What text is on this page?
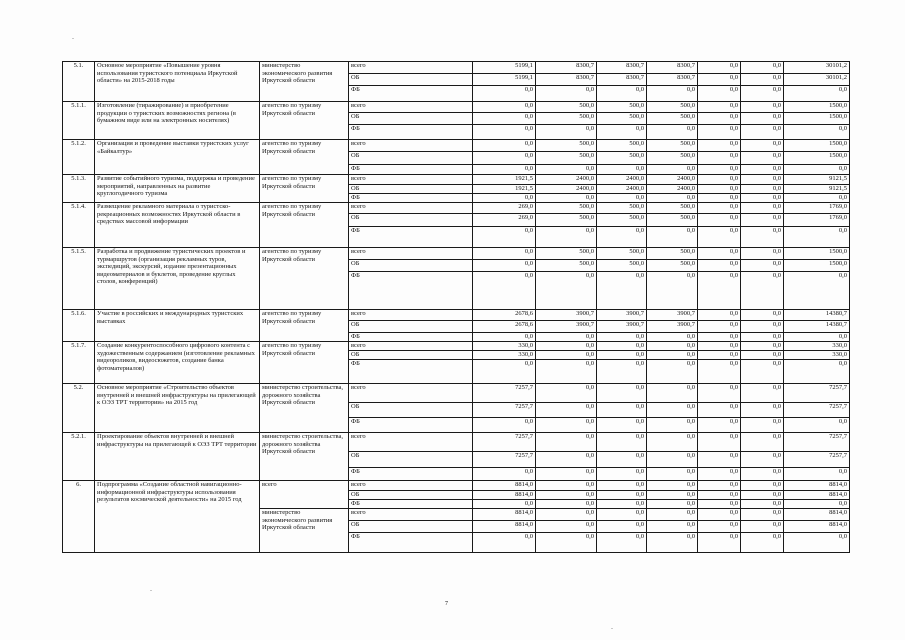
5.1.	Основное мероприятие «Повышение уровня использования туристского потенциала Иркутской области» на 2015-2018 годы	министерство экономического развития Иркутской области	всего	5199,1	8300,7	8300,7	8300,7	0,0	0,0	30101,2
			ОБ	5199,1	8300,7	8300,7	8300,7	0,0	0,0	30101,2
			ФБ	0,0	0,0	0,0	0,0	0,0	0,0	0,0
5.1.1.	Изготовление (тиражирование) и приобретение продукции о туристских возможностях региона (в бумажном виде или на электронных носителях)	агентство по туризму Иркутской области	всего	0,0	500,0	500,0	500,0	0,0	0,0	1500,0
			ОБ	0,0	500,0	500,0	500,0	0,0	0,0	1500,0
			ФБ	0,0	0,0	0,0	0,0	0,0	0,0	0,0
5.1.2.	Организация и проведение выставки туристских услуг «Байкалтур»	агентство по туризму Иркутской области	всего	0,0	500,0	500,0	500,0	0,0	0,0	1500,0
			ОБ	0,0	500,0	500,0	500,0	0,0	0,0	1500,0
			ФБ	0,0	0,0	0,0	0,0	0,0	0,0	0,0
5.1.3.	Развитие событийного туризма, поддержка и проведение мероприятий, направленных на развитие круглогодичного туризма	агентство по туризму Иркутской области	всего	1921,5	2400,0	2400,0	2400,0	0,0	0,0	9121,5
			ОБ	1921,5	2400,0	2400,0	2400,0	0,0	0,0	9121,5
			ФБ	0,0	0,0	0,0	0,0	0,0	0,0	0,0
5.1.4.	Размещение рекламного материала о туристско-рекреационных возможностях Иркутской области в средствах массовой информации	агентство по туризму Иркутской области	всего	269,0	500,0	500,0	500,0	0,0	0,0	1769,0
			ОБ	269,0	500,0	500,0	500,0	0,0	0,0	1769,0
			ФБ	0,0	0,0	0,0	0,0	0,0	0,0	0,0
5.1.5.	Разработка и продвижение туристических проектов и турмаршрутов (организация рекламных туров, экспедиций, экскурсий, издание презентационных видеоматериалов и буклетов, проведение круглых столов, конференций)	агентство по туризму Иркутской области	всего	0,0	500,0	500,0	500,0	0,0	0,0	1500,0
			ОБ	0,0	500,0	500,0	500,0	0,0	0,0	1500,0
			ФБ	0,0	0,0	0,0	0,0	0,0	0,0	0,0
5.1.6.	Участие в российских и международных туристских выставках	агентство по туризму Иркутской области	всего	2678,6	3900,7	3900,7	3900,7	0,0	0,0	14380,7
			ОБ	2678,6	3900,7	3900,7	3900,7	0,0	0,0	14380,7
			ФБ	0,0	0,0	0,0	0,0	0,0	0,0	0,0
5.1.7.	Создание конкурентоспособного цифрового контента с художественным содержанием (изготовление рекламных видеороликов, видеосюжетов, создание банка фотоматериалов)	агентство по туризму Иркутской области	всего	330,0	0,0	0,0	0,0	0,0	0,0	330,0
			ОБ	330,0	0,0	0,0	0,0	0,0	0,0	330,0
			ФБ	0,0	0,0	0,0	0,0	0,0	0,0	0,0
5.2.	Основное мероприятие «Строительство объектов внутренней и внешней инфраструктуры на прилегающей к ОЭЗ ТРТ территории» на 2015 год	министерство строительства, дорожного хозяйства Иркутской области	всего	7257,7	0,0	0,0	0,0	0,0	0,0	7257,7
			ОБ	7257,7	0,0	0,0	0,0	0,0	0,0	7257,7
			ФБ	0,0	0,0	0,0	0,0	0,0	0,0	0,0
5.2.1.	Проектирование объектов внутренней и внешней инфраструктуры на прилегающей к ОЭЗ ТРТ территории	министерство строительства, дорожного хозяйства Иркутской области	всего	7257,7	0,0	0,0	0,0	0,0	0,0	7257,7
			ОБ	7257,7	0,0	0,0	0,0	0,0	0,0	7257,7
			ФБ	0,0	0,0	0,0	0,0	0,0	0,0	0,0
6.	Подпрограмма «Создание областной навигационно-информационной инфраструктуры использования результатов космической деятельности» на 2015 год	всего	всего	8814,0	0,0	0,0	0,0	0,0	0,0	8814,0
			ОБ	8814,0	0,0	0,0	0,0	0,0	0,0	8814,0
			ФБ	0,0	0,0	0,0	0,0	0,0	0,0	0,0
		министерство экономического развития Иркутской области	всего	8814,0	0,0	0,0	0,0	0,0	0,0	8814,0
			ОБ	8814,0	0,0	0,0	0,0	0,0	0,0	8814,0
			ФБ	0,0	0,0	0,0	0,0	0,0	0,0	0,0
7
